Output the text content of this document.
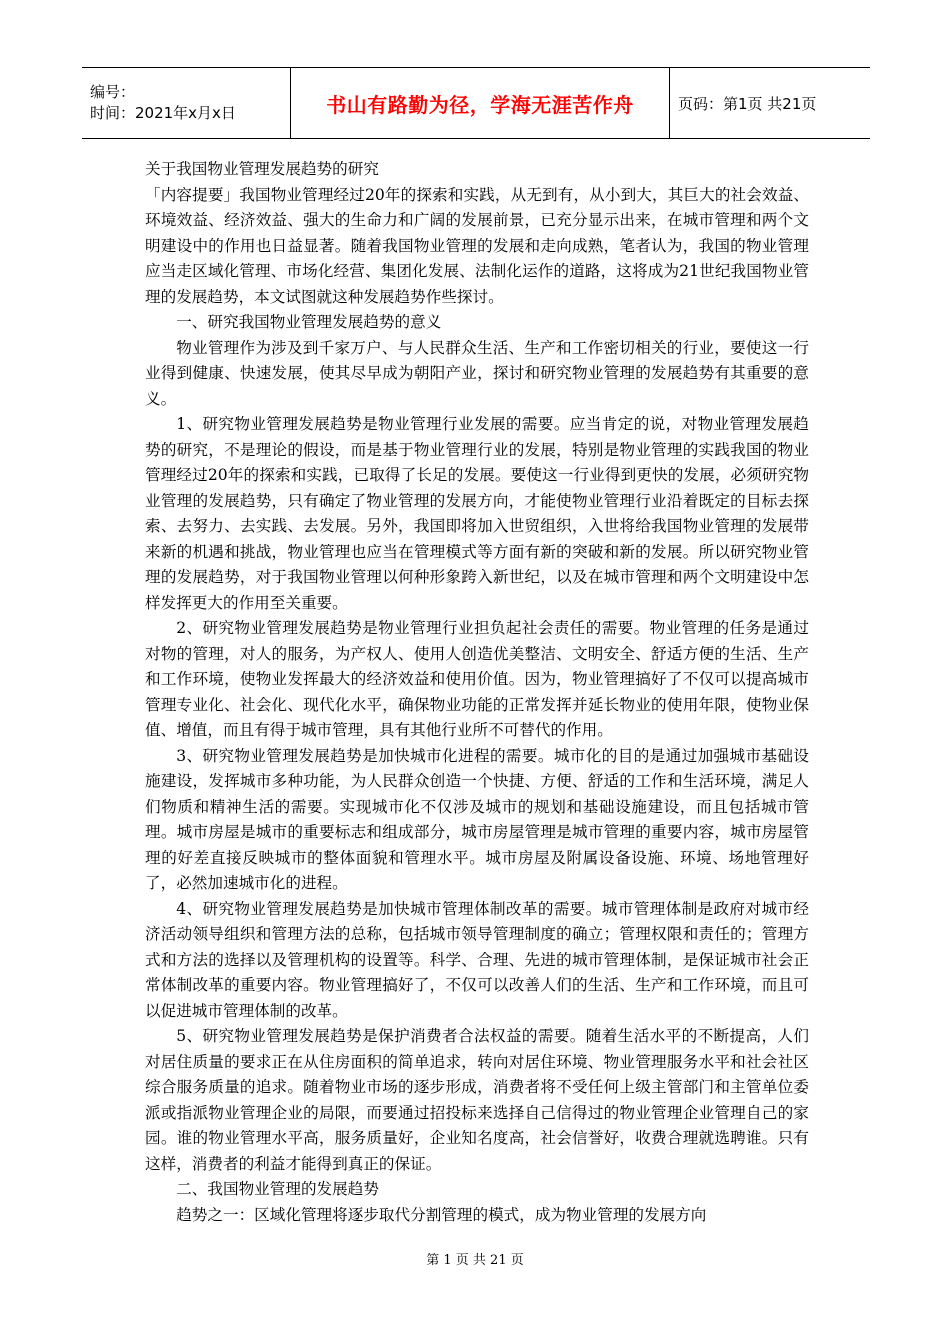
编号：
时间：2021年x月x日	书山有路勤为径，学海无涯苦作舟	页码：第1页 共21页

关于我国物业管理发展趋势的研究

「内容提要」我国物业管理经过20年的探索和实践，从无到有，从小到大，其巨大的社会效益、环境效益、经济效益、强大的生命力和广阔的发展前景，已充分显示出来，在城市管理和两个文明建设中的作用也日益显著。随着我国物业管理的发展和走向成熟，笔者认为，我国的物业管理应当走区域化管理、市场化经营、集团化发展、法制化运作的道路，这将成为21世纪我国物业管理的发展趋势，本文试图就这种发展趋势作些探讨。

一、研究我国物业管理发展趋势的意义

物业管理作为涉及到千家万户、与人民群众生活、生产和工作密切相关的行业，要使这一行业得到健康、快速发展，使其尽早成为朝阳产业，探讨和研究物业管理的发展趋势有其重要的意义。

1、研究物业管理发展趋势是物业管理行业发展的需要。应当肯定的说，对物业管理发展趋势的研究，不是理论的假设，而是基于物业管理行业的发展，特别是物业管理的实践我国的物业管理经过20年的探索和实践，已取得了长足的发展。要使这一行业得到更快的发展，必须研究物业管理的发展趋势，只有确定了物业管理的发展方向，才能使物业管理行业沿着既定的目标去探索、去努力、去实践、去发展。另外，我国即将加入世贸组织，入世将给我国物业管理的发展带来新的机遇和挑战，物业管理也应当在管理模式等方面有新的突破和新的发展。所以研究物业管理的发展趋势，对于我国物业管理以何种形象跨入新世纪，以及在城市管理和两个文明建设中怎样发挥更大的作用至关重要。

2、研究物业管理发展趋势是物业管理行业担负起社会责任的需要。物业管理的任务是通过对物的管理，对人的服务，为产权人、使用人创造优美整洁、文明安全、舒适方便的生活、生产和工作环境，使物业发挥最大的经济效益和使用价值。因为，物业管理搞好了不仅可以提高城市管理专业化、社会化、现代化水平，确保物业功能的正常发挥并延长物业的使用年限，使物业保值、增值，而且有得于城市管理，具有其他行业所不可替代的作用。

3、研究物业管理发展趋势是加快城市化进程的需要。城市化的目的是通过加强城市基础设施建设，发挥城市多种功能，为人民群众创造一个快捷、方便、舒适的工作和生活环境，满足人们物质和精神生活的需要。实现城市化不仅涉及城市的规划和基础设施建设，而且包括城市管理。城市房屋是城市的重要标志和组成部分，城市房屋管理是城市管理的重要内容，城市房屋管理的好差直接反映城市的整体面貌和管理水平。城市房屋及附属设备设施、环境、场地管理好了，必然加速城市化的进程。

4、研究物业管理发展趋势是加快城市管理体制改革的需要。城市管理体制是政府对城市经济活动领导组织和管理方法的总称，包括城市领导管理制度的确立；管理权限和责任的；管理方式和方法的选择以及管理机构的设置等。科学、合理、先进的城市管理体制，是保证城市社会正常体制改革的重要内容。物业管理搞好了，不仅可以改善人们的生活、生产和工作环境，而且可以促进城市管理体制的改革。

5、研究物业管理发展趋势是保护消费者合法权益的需要。随着生活水平的不断提高，人们对居住质量的要求正在从住房面积的简单追求，转向对居住环境、物业管理服务水平和社会社区综合服务质量的追求。随着物业市场的逐步形成，消费者将不受任何上级主管部门和主管单位委派或指派物业管理企业的局限，而要通过招投标来选择自己信得过的物业管理企业管理自己的家园。谁的物业管理水平高，服务质量好，企业知名度高，社会信誉好，收费合理就选聘谁。只有这样，消费者的利益才能得到真正的保证。

二、我国物业管理的发展趋势

趋势之一：区域化管理将逐步取代分割管理的模式，成为物业管理的发展方向

第 1 页 共 21 页
